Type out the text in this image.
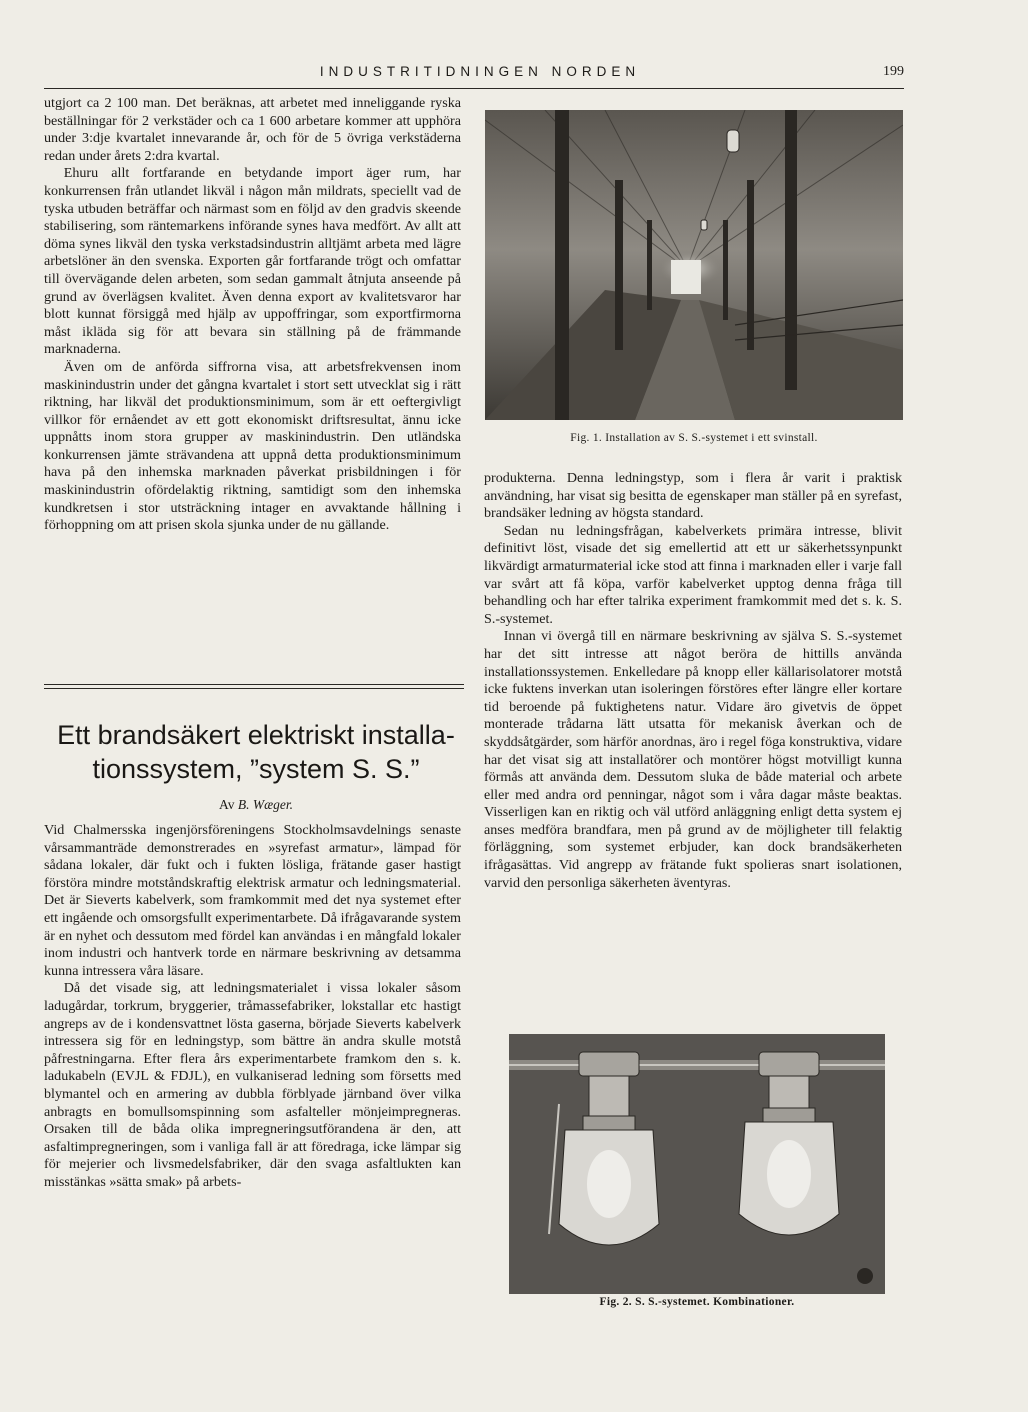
INDUSTRITIDNINGEN NORDEN	199

utgjort ca 2 100 man. Det beräknas, att arbetet med inneliggande ryska beställningar för 2 verkstäder och ca 1 600 arbetare kommer att upphöra under 3:dje kvartalet innevarande år, och för de 5 övriga verkstäderna redan under årets 2:dra kvartal.

Ehuru allt fortfarande en betydande import äger rum, har konkurrensen från utlandet likväl i någon mån mildrats, speciellt vad de tyska utbuden beträffar och närmast som en följd av den gradvis skeende stabilisering, som räntemarkens införande synes hava medfört. Av allt att döma synes likväl den tyska verkstadsindustrin alltjämt arbeta med lägre arbetslöner än den svenska. Exporten går fortfarande trögt och omfattar till övervägande delen arbeten, som sedan gammalt åtnjuta anseende på grund av överlägsen kvalitet. Även denna export av kvalitetsvaror har blott kunnat försiggå med hjälp av uppoffringar, som exportfirmorna måst ikläda sig för att bevara sin ställning på de främmande marknaderna.

Även om de anförda siffrorna visa, att arbetsfrekvensen inom maskinindustrin under det gångna kvartalet i stort sett utvecklat sig i rätt riktning, har likväl det produktionsminimum, som är ett oeftergivligt villkor för ernåendet av ett gott ekonomiskt driftsresultat, ännu icke uppnåtts inom stora grupper av maskinindustrin. Den utländska konkurrensen jämte strävandena att uppnå detta produktionsminimum hava på den inhemska marknaden påverkat prisbildningen i för maskinindustrin ofördelaktig riktning, samtidigt som den inhemska kundkretsen i stor utsträckning intager en avvaktande hållning i förhoppning om att prisen skola sjunka under de nu gällande.

Ett brandsäkert elektriskt installa-
tionssystem, ”system S. S.”
Av B. Wæger.

Vid Chalmersska ingenjörsföreningens Stockholmsavdelnings senaste vårsammanträde demonstrerades en »syrefast armatur», lämpad för sådana lokaler, där fukt och i fukten lösliga, frätande gaser hastigt förstöra mindre motståndskraftig elektrisk armatur och ledningsmaterial. Det är Sieverts kabelverk, som framkommit med det nya systemet efter ett ingående och omsorgsfullt experimentarbete. Då ifrågavarande system är en nyhet och dessutom med fördel kan användas i en mångfald lokaler inom industri och hantverk torde en närmare beskrivning av detsamma kunna intressera våra läsare.

Då det visade sig, att ledningsmaterialet i vissa lokaler såsom ladugårdar, torkrum, bryggerier, tråmassefabriker, lokstallar etc hastigt angreps av de i kondensvattnet lösta gaserna, började Sieverts kabelverk intressera sig för en ledningstyp, som bättre än andra skulle motstå påfrestningarna. Efter flera års experimentarbete framkom den s. k. ladukabeln (EVJL & FDJL), en vulkaniserad ledning som försetts med blymantel och en armering av dubbla förblyade järnband över vilka anbragts en bomullsomspinning som asfalteller mönjeimpregneras. Orsaken till de båda olika impregneringsutförandena är den, att asfaltimpregneringen, som i vanliga fall är att föredraga, icke lämpar sig för mejerier och livsmedelsfabriker, där den svaga asfaltlukten kan misstänkas »sätta smak» på arbets-

Fig. 1. Installation av S. S.-systemet i ett svinstall.

produkterna. Denna ledningstyp, som i flera år varit i praktisk användning, har visat sig besitta de egenskaper man ställer på en syrefast, brandsäker ledning av högsta standard.

Sedan nu ledningsfrågan, kabelverkets primära intresse, blivit definitivt löst, visade det sig emellertid att ett ur säkerhetssynpunkt likvärdigt armaturmaterial icke stod att finna i marknaden eller i varje fall var svårt att få köpa, varför kabelverket upptog denna fråga till behandling och har efter talrika experiment framkommit med det s. k. S. S.-systemet.

Innan vi övergå till en närmare beskrivning av själva S. S.-systemet har det sitt intresse att något beröra de hittills använda installationssystemen. Enkelledare på knopp eller källarisolatorer motstå icke fuktens inverkan utan isoleringen förstöres efter längre eller kortare tid beroende på fuktighetens natur. Vidare äro givetvis de öppet monterade trådarna lätt utsatta för mekanisk åverkan och de skyddsåtgärder, som härför anordnas, äro i regel föga konstruktiva, vidare har det visat sig att installatörer och montörer högst motvilligt kunna förmås att använda dem. Dessutom sluka de både material och arbete eller med andra ord penningar, något som i våra dagar måste beaktas. Visserligen kan en riktig och väl utförd anläggning enligt detta system ej anses medföra brandfara, men på grund av de möjligheter till felaktig förläggning, som systemet erbjuder, kan dock brandsäkerheten ifrågasättas. Vid angrepp av frätande fukt spolieras snart isolationen, varvid den personliga säkerheten äventyras.

Fig. 2. S. S.-systemet. Kombinationer.
